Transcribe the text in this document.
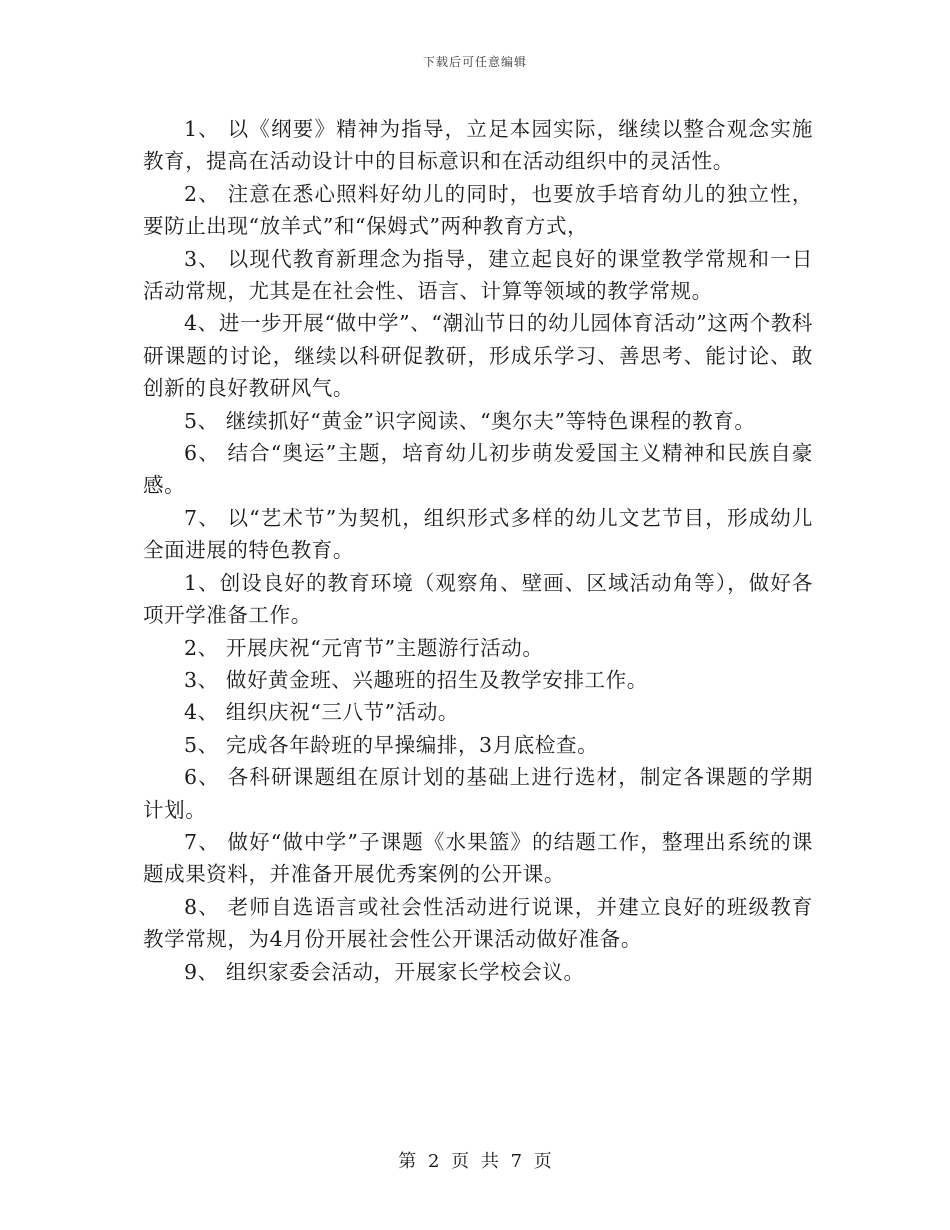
下载后可任意编辑

1、 以《纲要》精神为指导，立足本园实际，继续以整合观念实施教育，提高在活动设计中的目标意识和在活动组织中的灵活性。

2、 注意在悉心照料好幼儿的同时，也要放手培育幼儿的独立性，要防止出现“放羊式”和“保姆式”两种教育方式，

3、 以现代教育新理念为指导，建立起良好的课堂教学常规和一日活动常规，尤其是在社会性、语言、计算等领域的教学常规。

4、进一步开展“做中学”、“潮汕节日的幼儿园体育活动”这两个教科研课题的讨论，继续以科研促教研，形成乐学习、善思考、能讨论、敢创新的良好教研风气。

5、 继续抓好“黄金”识字阅读、“奥尔夫”等特色课程的教育。

6、 结合“奥运”主题，培育幼儿初步萌发爱国主义精神和民族自豪感。

7、 以“艺术节”为契机，组织形式多样的幼儿文艺节目，形成幼儿全面进展的特色教育。

1、创设良好的教育环境（观察角、壁画、区域活动角等），做好各项开学准备工作。

2、 开展庆祝“元宵节”主题游行活动。

3、 做好黄金班、兴趣班的招生及教学安排工作。

4、 组织庆祝“三八节”活动。

5、 完成各年龄班的早操编排，3月底检查。

6、 各科研课题组在原计划的基础上进行选材，制定各课题的学期计划。

7、 做好“做中学”子课题《水果篮》的结题工作，整理出系统的课题成果资料，并准备开展优秀案例的公开课。

8、 老师自选语言或社会性活动进行说课，并建立良好的班级教育教学常规，为4月份开展社会性公开课活动做好准备。

9、 组织家委会活动，开展家长学校会议。

第 2 页 共 7 页
